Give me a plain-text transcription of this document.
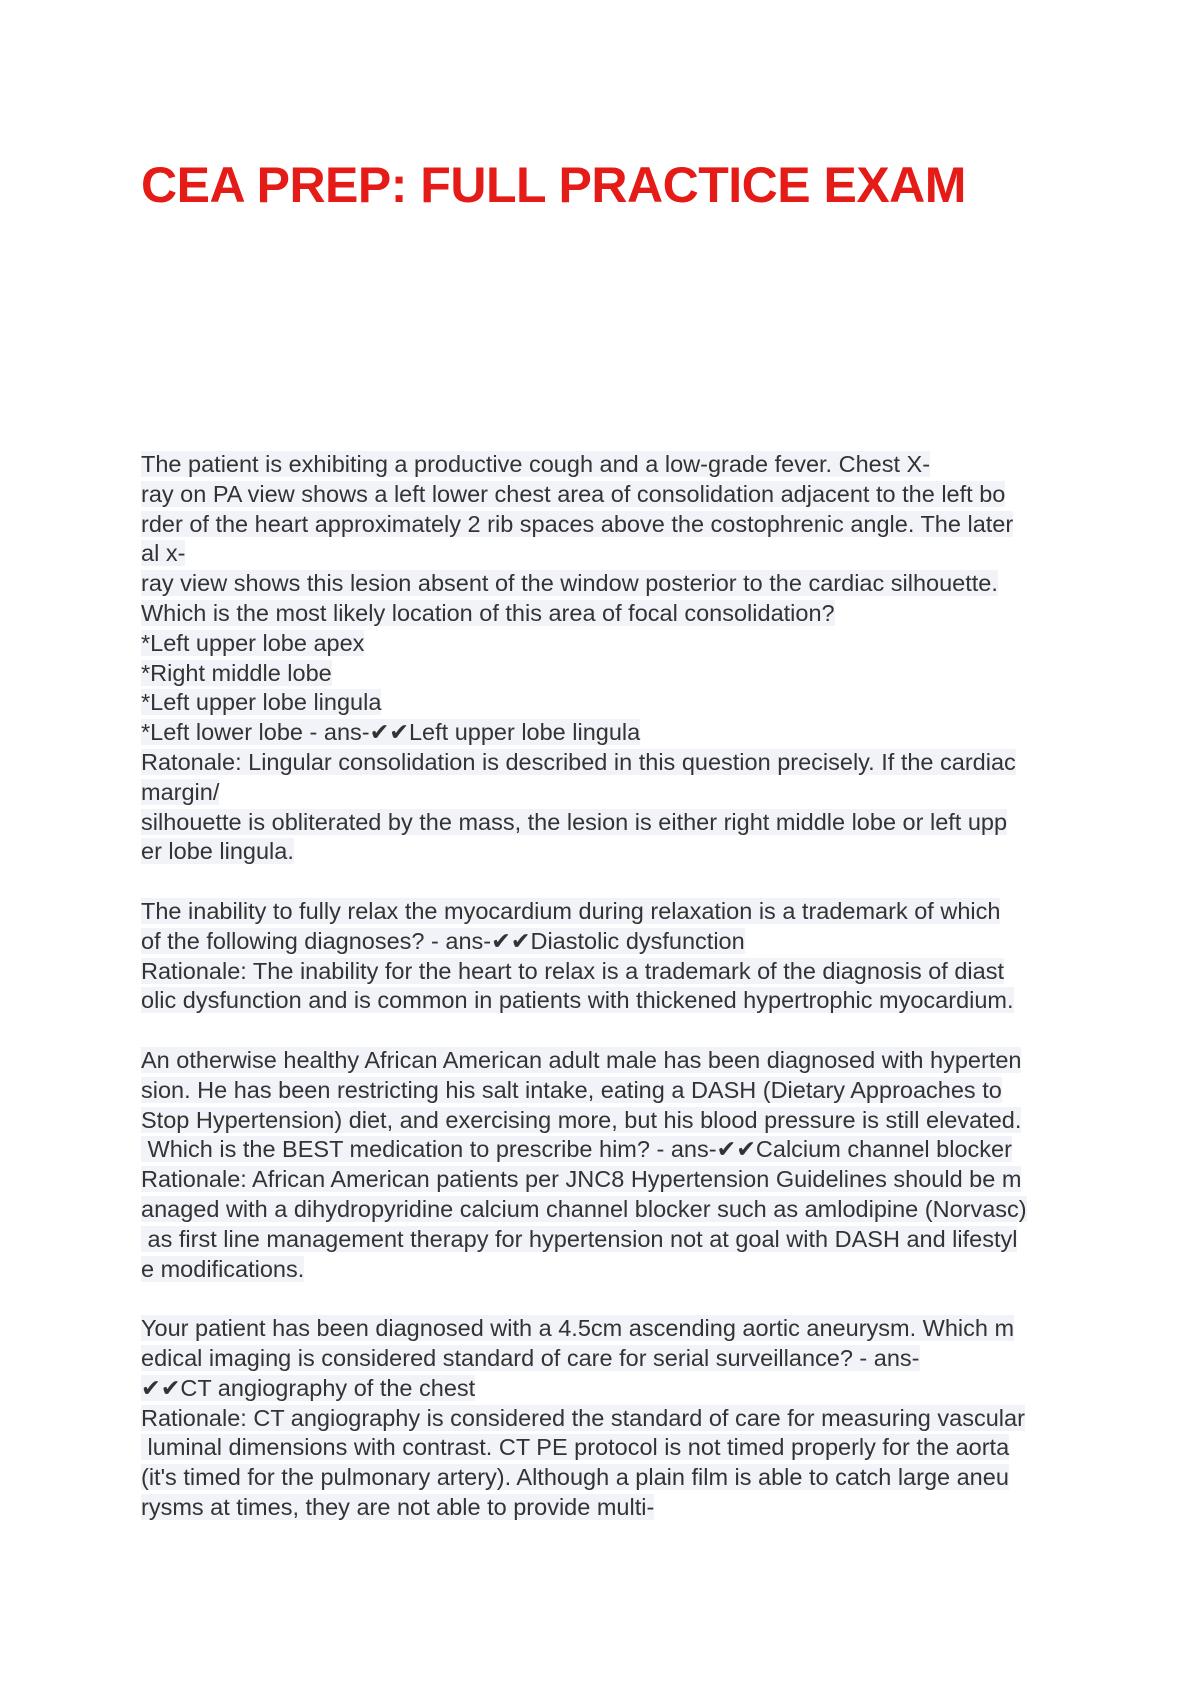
CEA PREP: FULL PRACTICE EXAM
The patient is exhibiting a productive cough and a low-grade fever. Chest X-
ray on PA view shows a left lower chest area of consolidation adjacent to the left bo
rder of the heart approximately 2 rib spaces above the costophrenic angle. The later
al x-
ray view shows this lesion absent of the window posterior to the cardiac silhouette.
Which is the most likely location of this area of focal consolidation?
*Left upper lobe apex
*Right middle lobe
*Left upper lobe lingula
*Left lower lobe - ans-✔✔Left upper lobe lingula
Ratonale: Lingular consolidation is described in this question precisely. If the cardiac
margin/
silhouette is obliterated by the mass, the lesion is either right middle lobe or left upp
er lobe lingula.
The inability to fully relax the myocardium during relaxation is a trademark of which
of the following diagnoses? - ans-✔✔Diastolic dysfunction
Rationale: The inability for the heart to relax is a trademark of the diagnosis of diast
olic dysfunction and is common in patients with thickened hypertrophic myocardium.
An otherwise healthy African American adult male has been diagnosed with hyperten
sion. He has been restricting his salt intake, eating a DASH (Dietary Approaches to
Stop Hypertension) diet, and exercising more, but his blood pressure is still elevated.
Which is the BEST medication to prescribe him? - ans-✔✔Calcium channel blocker
Rationale: African American patients per JNC8 Hypertension Guidelines should be m
anaged with a dihydropyridine calcium channel blocker such as amlodipine (Norvasc)
as first line management therapy for hypertension not at goal with DASH and lifestyl
e modifications.
Your patient has been diagnosed with a 4.5cm ascending aortic aneurysm. Which m
edical imaging is considered standard of care for serial surveillance? - ans-
✔✔CT angiography of the chest
Rationale: CT angiography is considered the standard of care for measuring vascular
luminal dimensions with contrast. CT PE protocol is not timed properly for the aorta
(it's timed for the pulmonary artery). Although a plain film is able to catch large aneu
rysms at times, they are not able to provide multi-
